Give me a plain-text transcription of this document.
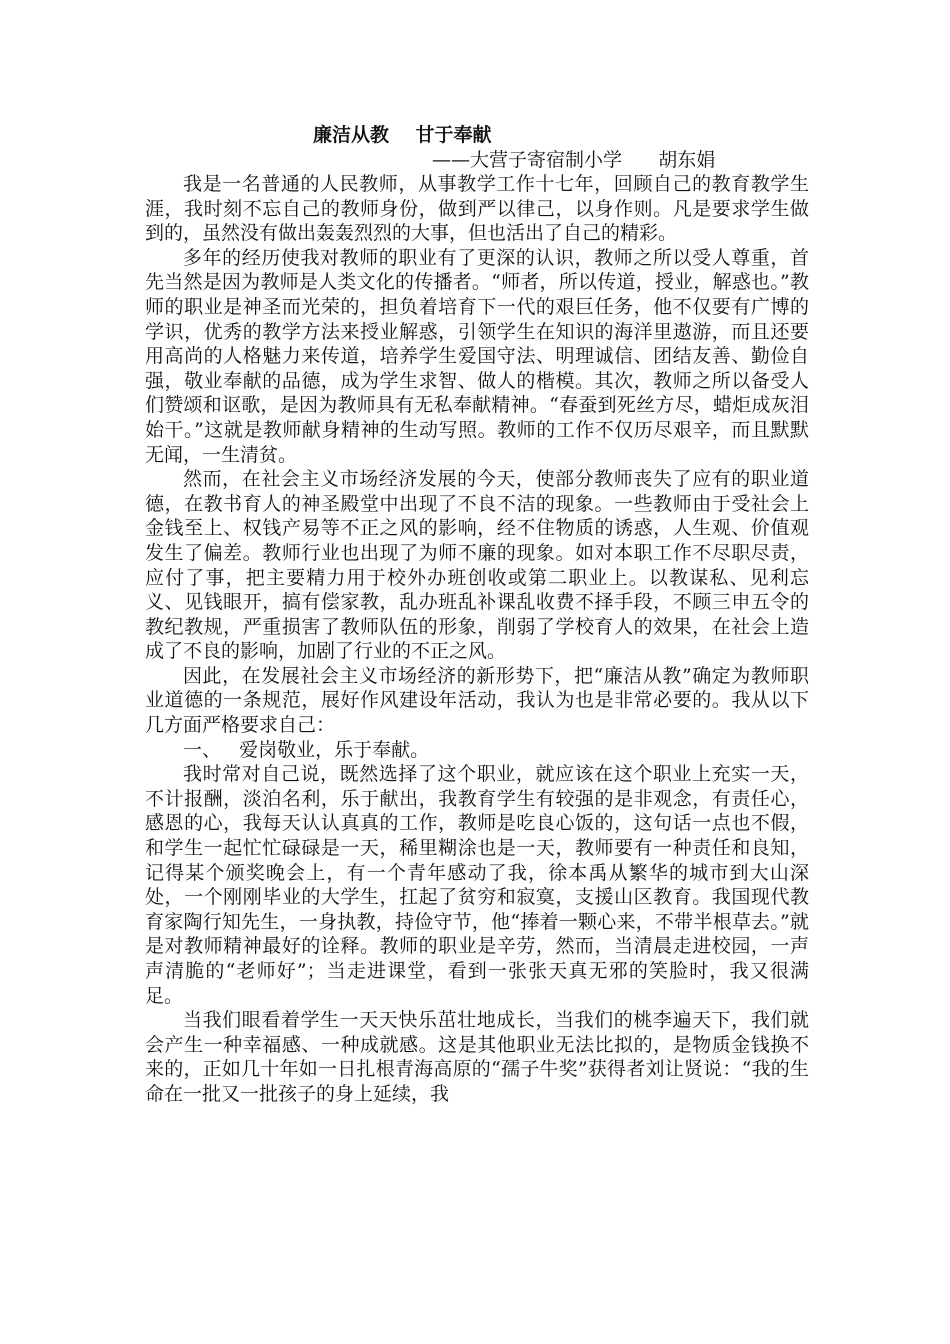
廉洁从教    甘于奉献

——大营子寄宿制小学      胡东娟

我是一名普通的人民教师，从事教学工作十七年，回顾自己的教育教学生涯，我时刻不忘自己的教师身份，做到严以律己，以身作则。凡是要求学生做到的，虽然没有做出轰轰烈烈的大事，但也活出了自己的精彩。

多年的经历使我对教师的职业有了更深的认识，教师之所以受人尊重，首先当然是因为教师是人类文化的传播者。“师者，所以传道，授业，解惑也。”教师的职业是神圣而光荣的，担负着培育下一代的艰巨任务，他不仅要有广博的学识，优秀的教学方法来授业解惑，引领学生在知识的海洋里遨游，而且还要用高尚的人格魅力来传道，培养学生爱国守法、明理诚信、团结友善、勤俭自强，敬业奉献的品德，成为学生求智、做人的楷模。其次，教师之所以备受人们赞颂和讴歌，是因为教师具有无私奉献精神。“春蚕到死丝方尽，蜡炬成灰泪始干。”这就是教师献身精神的生动写照。教师的工作不仅历尽艰辛，而且默默无闻，一生清贫。

然而，在社会主义市场经济发展的今天，使部分教师丧失了应有的职业道德，在教书育人的神圣殿堂中出现了不良不洁的现象。一些教师由于受社会上金钱至上、权钱产易等不正之风的影响，经不住物质的诱惑，人生观、价值观发生了偏差。教师行业也出现了为师不廉的现象。如对本职工作不尽职尽责，应付了事，把主要精力用于校外办班创收或第二职业上。以教谋私、见利忘义、见钱眼开，搞有偿家教，乱办班乱补课乱收费不择手段，不顾三申五令的教纪教规，严重损害了教师队伍的形象，削弱了学校育人的效果，在社会上造成了不良的影响，加剧了行业的不正之风。

因此，在发展社会主义市场经济的新形势下，把“廉洁从教”确定为教师职业道德的一条规范，展好作风建设年活动，我认为也是非常必要的。我从以下几方面严格要求自己：

一、   爱岗敬业，乐于奉献。

我时常对自己说，既然选择了这个职业，就应该在这个职业上充实一天，不计报酬，淡泊名利，乐于献出，我教育学生有较强的是非观念，有责任心，感恩的心，我每天认认真真的工作，教师是吃良心饭的，这句话一点也不假，和学生一起忙忙碌碌是一天，稀里糊涂也是一天，教师要有一种责任和良知，记得某个颁奖晚会上，有一个青年感动了我，徐本禹从繁华的城市到大山深处，一个刚刚毕业的大学生，扛起了贫穷和寂寞，支援山区教育。我国现代教育家陶行知先生，一身执教，持俭守节，他“捧着一颗心来，不带半根草去。”就是对教师精神最好的诠释。教师的职业是辛劳，然而，当清晨走进校园，一声声清脆的“老师好”；当走进课堂，看到一张张天真无邪的笑脸时，我又很满足。

当我们眼看着学生一天天快乐茁壮地成长，当我们的桃李遍天下，我们就会产生一种幸福感、一种成就感。这是其他职业无法比拟的，是物质金钱换不来的，正如几十年如一日扎根青海高原的“孺子牛奖”获得者刘让贤说：“我的生命在一批又一批孩子的身上延续，我
